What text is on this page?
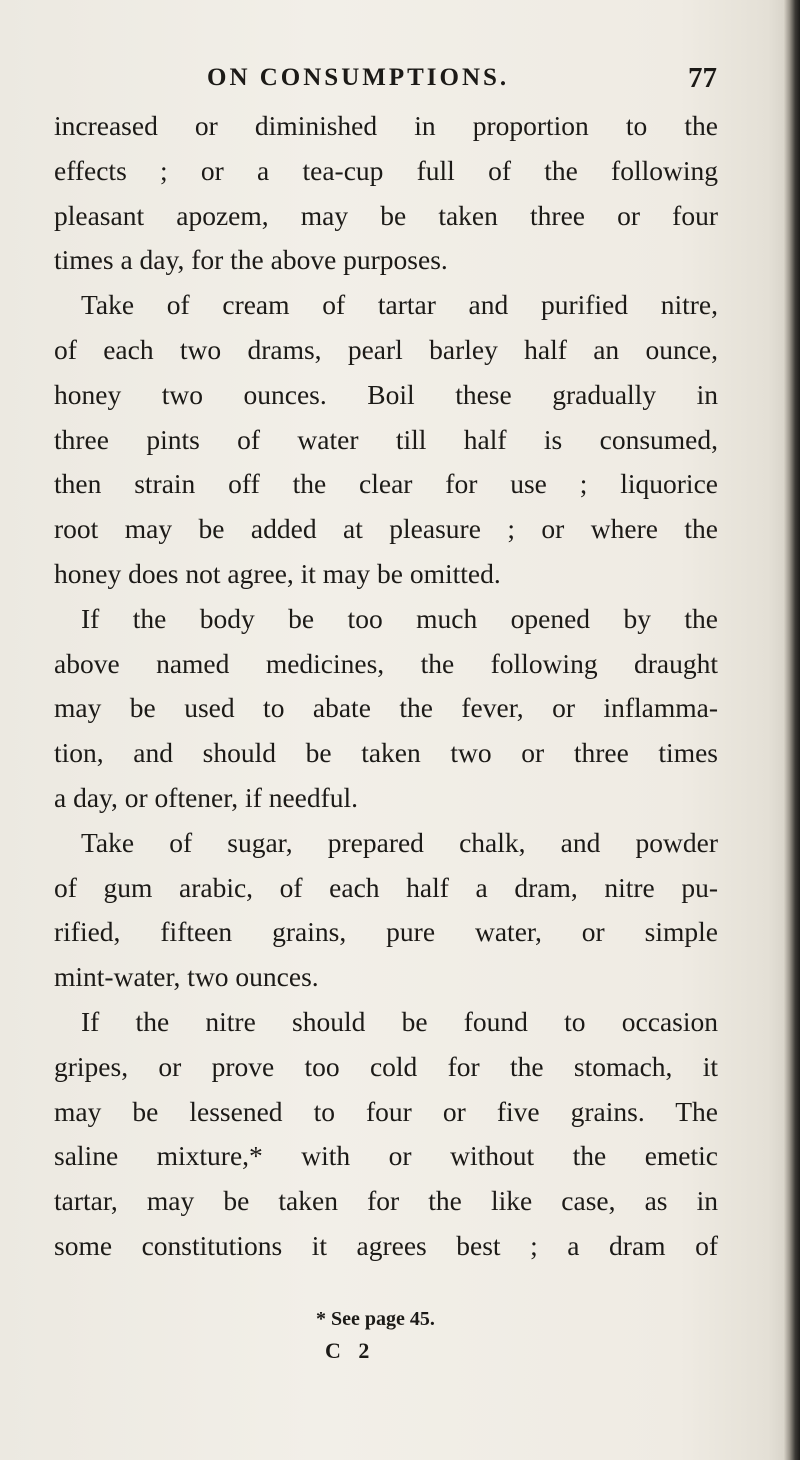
ON CONSUMPTIONS.	77
increased or diminished in proportion to the
effects ; or a tea-cup full of the following
pleasant apozem, may be taken three or four
times a day, for the above purposes.
Take of cream of tartar and purified nitre,
of each two drams, pearl barley half an ounce,
honey two ounces. Boil these gradually in
three pints of water till half is consumed,
then strain off the clear for use ; liquorice
root may be added at pleasure ; or where the
honey does not agree, it may be omitted.
If the body be too much opened by the
above named medicines, the following draught
may be used to abate the fever, or inflamma-
tion, and should be taken two or three times
a day, or oftener, if needful.
Take of sugar, prepared chalk, and powder
of gum arabic, of each half a dram, nitre pu-
rified, fifteen grains, pure water, or simple
mint-water, two ounces.
If the nitre should be found to occasion
gripes, or prove too cold for the stomach, it
may be lessened to four or five grains. The
saline mixture,* with or without the emetic
tartar, may be taken for the like case, as in
some constitutions it agrees best ; a dram of
* See page 45.
C 2
